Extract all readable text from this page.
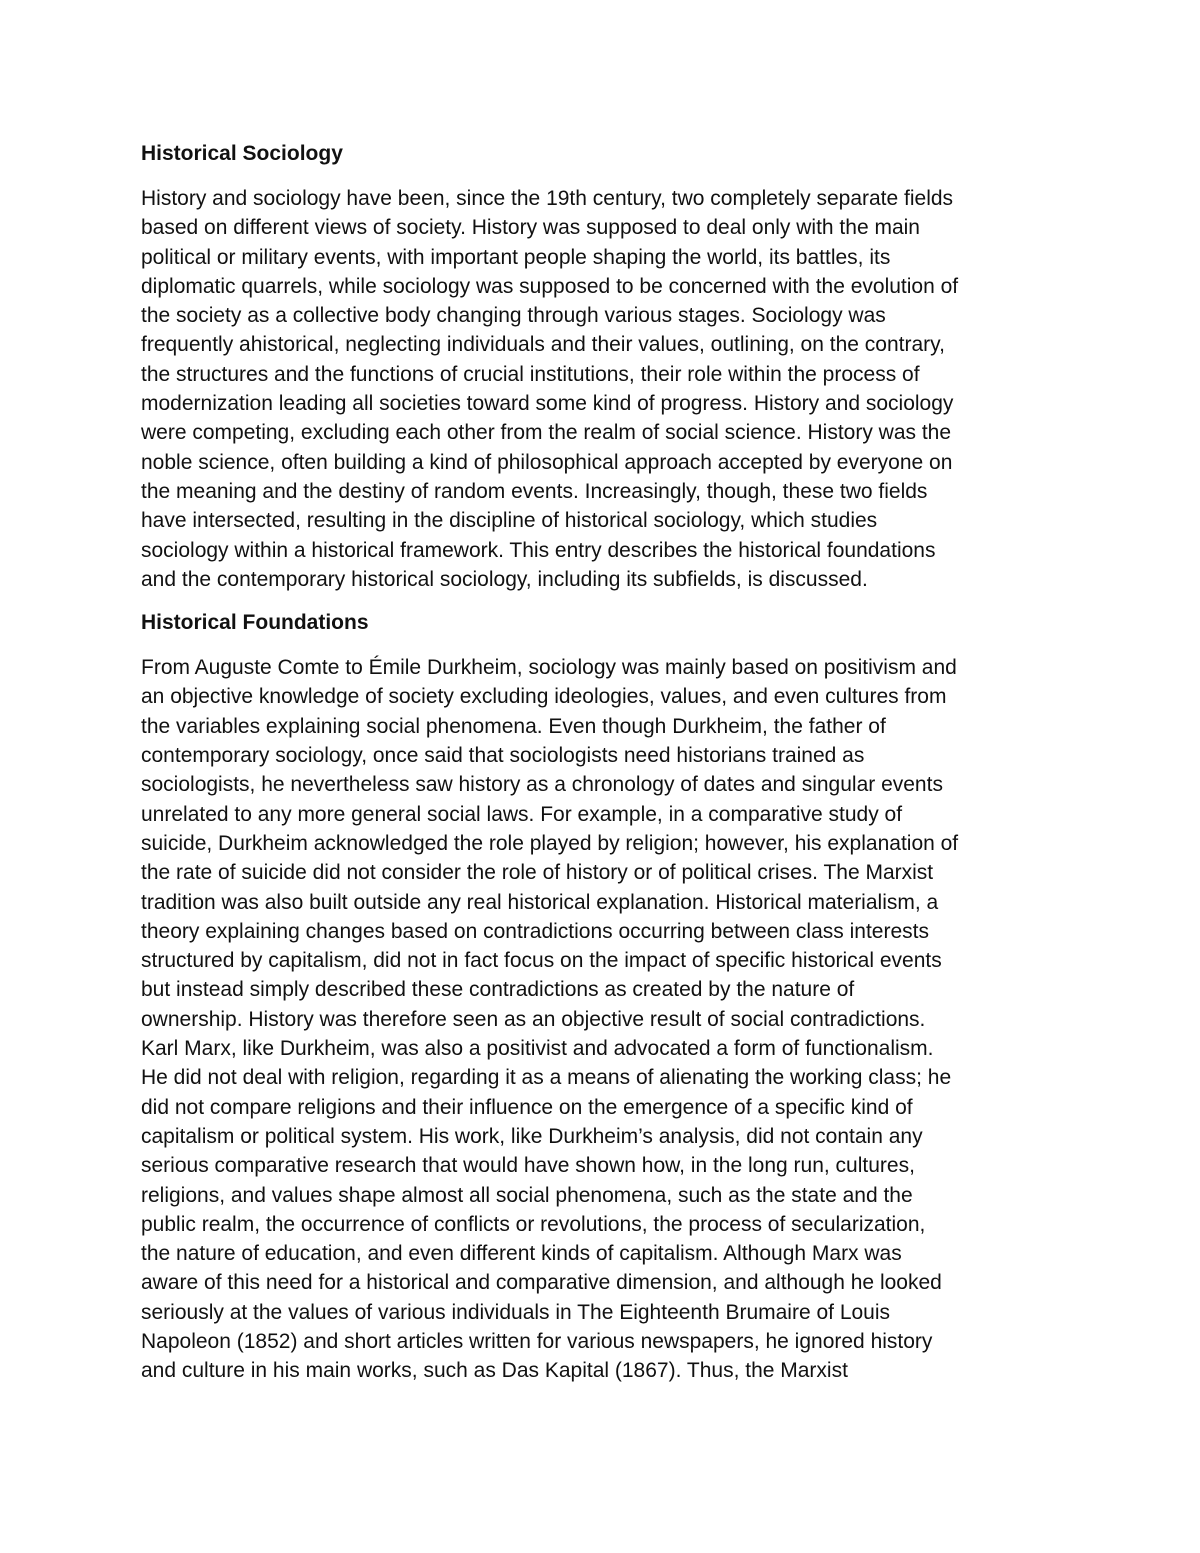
Historical Sociology

History and sociology have been, since the 19th century, two completely separate fields
based on different views of society. History was supposed to deal only with the main
political or military events, with important people shaping the world, its battles, its
diplomatic quarrels, while sociology was supposed to be concerned with the evolution of
the society as a collective body changing through various stages. Sociology was
frequently ahistorical, neglecting individuals and their values, outlining, on the contrary,
the structures and the functions of crucial institutions, their role within the process of
modernization leading all societies toward some kind of progress. History and sociology
were competing, excluding each other from the realm of social science. History was the
noble science, often building a kind of philosophical approach accepted by everyone on
the meaning and the destiny of random events. Increasingly, though, these two fields
have intersected, resulting in the discipline of historical sociology, which studies
sociology within a historical framework. This entry describes the historical foundations
and the contemporary historical sociology, including its subfields, is discussed.

Historical Foundations

From Auguste Comte to Émile Durkheim, sociology was mainly based on positivism and
an objective knowledge of society excluding ideologies, values, and even cultures from
the variables explaining social phenomena. Even though Durkheim, the father of
contemporary sociology, once said that sociologists need historians trained as
sociologists, he nevertheless saw history as a chronology of dates and singular events
unrelated to any more general social laws. For example, in a comparative study of
suicide, Durkheim acknowledged the role played by religion; however, his explanation of
the rate of suicide did not consider the role of history or of political crises. The Marxist
tradition was also built outside any real historical explanation. Historical materialism, a
theory explaining changes based on contradictions occurring between class interests
structured by capitalism, did not in fact focus on the impact of specific historical events
but instead simply described these contradictions as created by the nature of
ownership. History was therefore seen as an objective result of social contradictions.
Karl Marx, like Durkheim, was also a positivist and advocated a form of functionalism.
He did not deal with religion, regarding it as a means of alienating the working class; he
did not compare religions and their influence on the emergence of a specific kind of
capitalism or political system. His work, like Durkheim’s analysis, did not contain any
serious comparative research that would have shown how, in the long run, cultures,
religions, and values shape almost all social phenomena, such as the state and the
public realm, the occurrence of conflicts or revolutions, the process of secularization,
the nature of education, and even different kinds of capitalism. Although Marx was
aware of this need for a historical and comparative dimension, and although he looked
seriously at the values of various individuals in The Eighteenth Brumaire of Louis
Napoleon (1852) and short articles written for various newspapers, he ignored history
and culture in his main works, such as Das Kapital (1867). Thus, the Marxist
